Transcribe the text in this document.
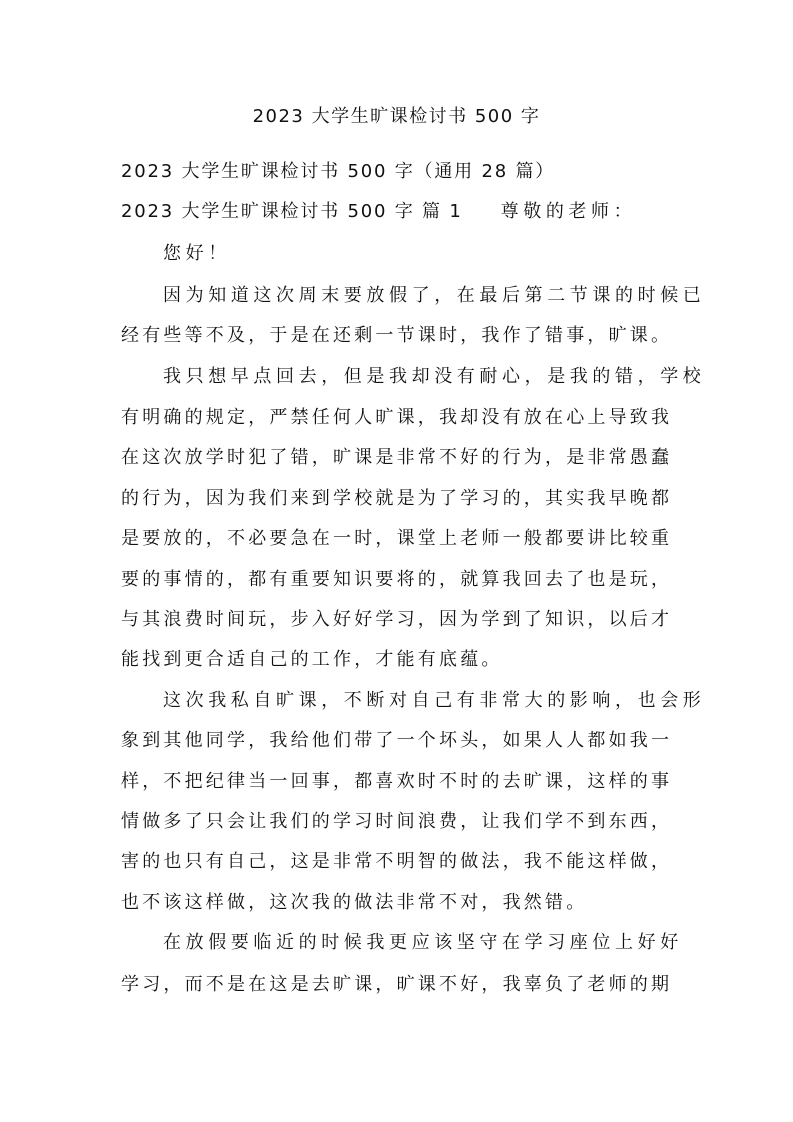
2023 大学生旷课检讨书 500 字
2023 大学生旷课检讨书 500 字（通用 28 篇）
2023 大学生旷课检讨书 500 字 篇 1 尊敬的老师：
您好！
因为知道这次周末要放假了，在最后第二节课的时候已
经有些等不及，于是在还剩一节课时，我作了错事，旷课。
我只想早点回去，但是我却没有耐心，是我的错，学校
有明确的规定，严禁任何人旷课，我却没有放在心上导致我
在这次放学时犯了错，旷课是非常不好的行为，是非常愚蠢
的行为，因为我们来到学校就是为了学习的，其实我早晚都
是要放的，不必要急在一时，课堂上老师一般都要讲比较重
要的事情的，都有重要知识要将的，就算我回去了也是玩，
与其浪费时间玩，步入好好学习，因为学到了知识，以后才
能找到更合适自己的工作，才能有底蕴。
这次我私自旷课，不断对自己有非常大的影响，也会形
象到其他同学，我给他们带了一个坏头，如果人人都如我一
样，不把纪律当一回事，都喜欢时不时的去旷课，这样的事
情做多了只会让我们的学习时间浪费，让我们学不到东西，
害的也只有自己，这是非常不明智的做法，我不能这样做，
也不该这样做，这次我的做法非常不对，我然错。
在放假要临近的时候我更应该坚守在学习座位上好好
学习，而不是在这是去旷课，旷课不好，我辜负了老师的期
